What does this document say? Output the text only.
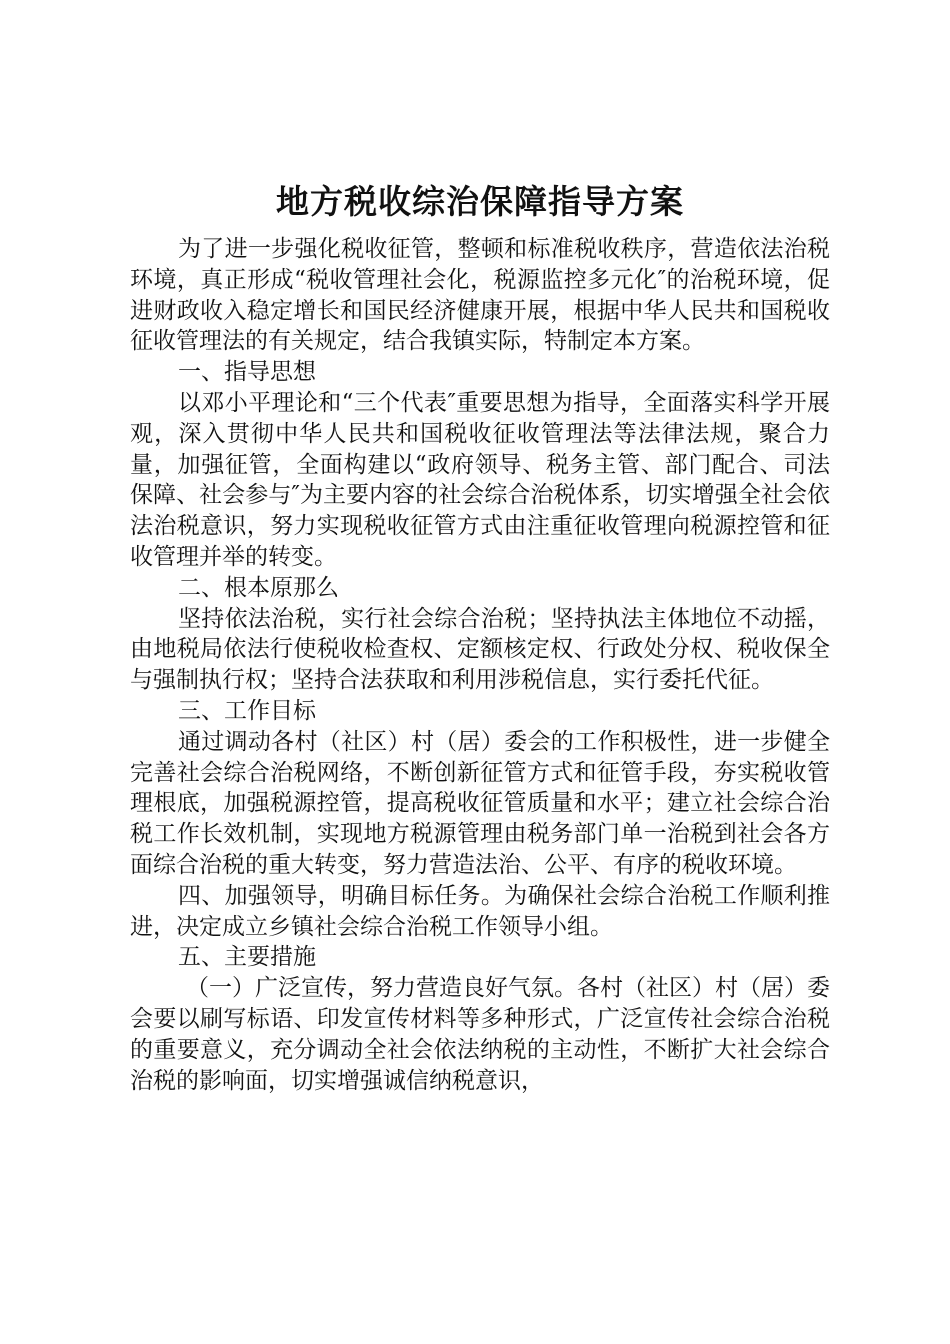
地方税收综治保障指导方案

为了进一步强化税收征管，整顿和标准税收秩序，营造依法治税环境，真正形成“税收管理社会化，税源监控多元化″的治税环境，促进财政收入稳定增长和国民经济健康开展，根据中华人民共和国税收征收管理法的有关规定，结合我镇实际，特制定本方案。

一、指导思想

以邓小平理论和“三个代表″重要思想为指导，全面落实科学开展观，深入贯彻中华人民共和国税收征收管理法等法律法规，聚合力量，加强征管，全面构建以“政府领导、税务主管、部门配合、司法保障、社会参与″为主要内容的社会综合治税体系，切实增强全社会依法治税意识，努力实现税收征管方式由注重征收管理向税源控管和征收管理并举的转变。

二、根本原那么

坚持依法治税，实行社会综合治税；坚持执法主体地位不动摇，由地税局依法行使税收检查权、定额核定权、行政处分权、税收保全与强制执行权；坚持合法获取和利用涉税信息，实行委托代征。

三、工作目标

通过调动各村（社区）村（居）委会的工作积极性，进一步健全完善社会综合治税网络，不断创新征管方式和征管手段，夯实税收管理根底，加强税源控管，提高税收征管质量和水平；建立社会综合治税工作长效机制，实现地方税源管理由税务部门单一治税到社会各方面综合治税的重大转变，努力营造法治、公平、有序的税收环境。

四、加强领导，明确目标任务。为确保社会综合治税工作顺利推进，决定成立乡镇社会综合治税工作领导小组。

五、主要措施

（一）广泛宣传，努力营造良好气氛。各村（社区）村（居）委会要以刷写标语、印发宣传材料等多种形式，广泛宣传社会综合治税的重要意义，充分调动全社会依法纳税的主动性，不断扩大社会综合治税的影响面，切实增强诚信纳税意识，
